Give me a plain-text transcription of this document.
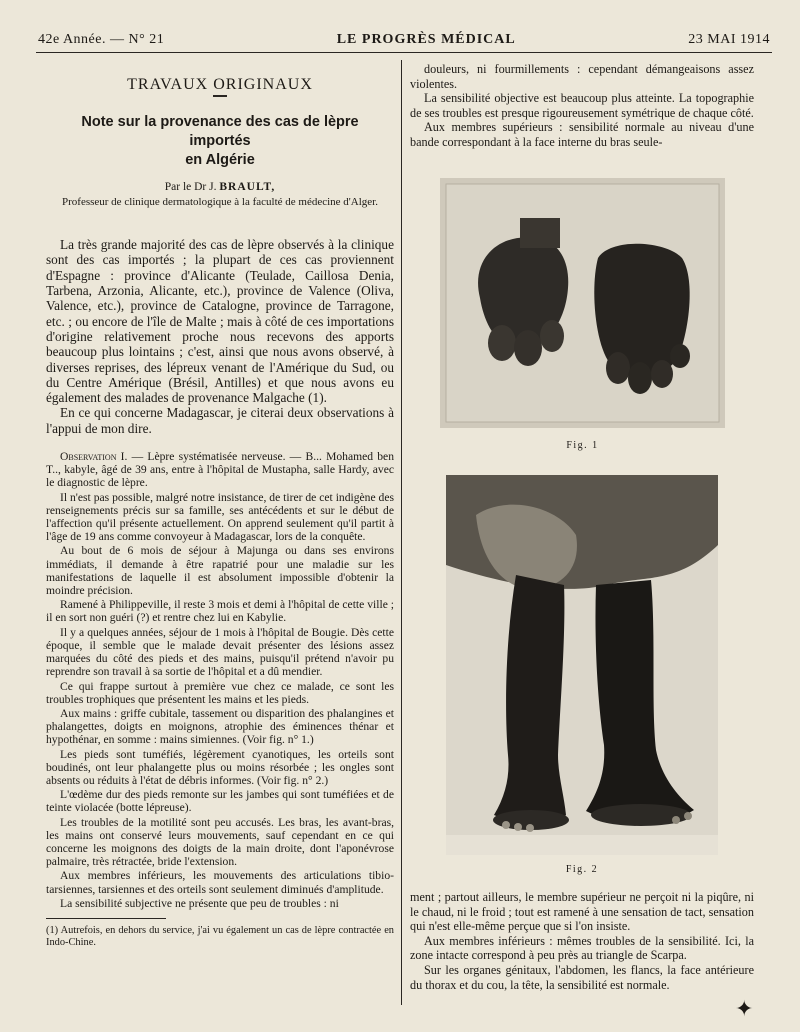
42e Année. — N° 21	LE PROGRÈS MÉDICAL	23 MAI 1914
TRAVAUX ORIGINAUX
Note sur la provenance des cas de lèpre importés
en Algérie
Par le Dr J. BRAULT,
Professeur de clinique dermatologique à la faculté de médecine d'Alger.

La très grande majorité des cas de lèpre observés à la clinique sont des cas importés ; la plupart de ces cas proviennent d'Espagne : province d'Alicante (Teulade, Caillosa Denia, Tarbena, Arzonia, Alicante, etc.), province de Valence (Oliva, Valence, etc.), province de Catalogne, province de Tarragone, etc. ; ou encore de l'île de Malte ; mais à côté de ces importations d'origine relativement proche nous recevons des apports beaucoup plus lointains ; c'est, ainsi que nous avons observé, à diverses reprises, des lépreux venant de l'Amérique du Sud, ou du Centre Amérique (Brésil, Antilles) et que nous avons eu également des malades de provenance Malgache (1).

En ce qui concerne Madagascar, je citerai deux observations à l'appui de mon dire.

Observation I. — Lèpre systématisée nerveuse. — B... Mohamed ben T.., kabyle, âgé de 39 ans, entre à l'hôpital de Mustapha, salle Hardy, avec le diagnostic de lèpre.

Il n'est pas possible, malgré notre insistance, de tirer de cet indigène des renseignements précis sur sa famille, ses antécédents et sur le début de l'affection qu'il présente actuellement. On apprend seulement qu'il partit à l'âge de 19 ans comme convoyeur à Madagascar, lors de la conquête.

Au bout de 6 mois de séjour à Majunga ou dans ses environs immédiats, il demande à être rapatrié pour une maladie sur les manifestations de laquelle il est absolument impossible d'obtenir la moindre précision.

Ramené à Philippeville, il reste 3 mois et demi à l'hôpital de cette ville ; il en sort non guéri (?) et rentre chez lui en Kabylie.

Il y a quelques années, séjour de 1 mois à l'hôpital de Bougie. Dès cette époque, il semble que le malade devait présenter des lésions assez marquées du côté des pieds et des mains, puisqu'il prétend n'avoir pu reprendre son travail à sa sortie de l'hôpital et a dû mendier.

Ce qui frappe surtout à première vue chez ce malade, ce sont les troubles trophiques que présentent les mains et les pieds.

Aux mains : griffe cubitale, tassement ou disparition des phalangines et phalangettes, doigts en moignons, atrophie des éminences thénar et hypothénar, en somme : mains simiennes. (Voir fig. n° 1.)

Les pieds sont tuméfiés, légèrement cyanotiques, les orteils sont boudinés, ont leur phalangette plus ou moins résorbée ; les ongles sont absents ou réduits à l'état de débris informes. (Voir fig. n° 2.)

L'œdème dur des pieds remonte sur les jambes qui sont tuméfiées et de teinte violacée (botte lépreuse).

Les troubles de la motilité sont peu accusés. Les bras, les avant-bras, les mains ont conservé leurs mouvements, sauf cependant en ce qui concerne les moignons des doigts de la main droite, dont l'aponévrose palmaire, très rétractée, bride l'extension.

Aux membres inférieurs, les mouvements des articulations tibio-tarsiennes, tarsiennes et des orteils sont seulement diminués d'amplitude.

La sensibilité subjective ne présente que peu de troubles : ni

(1) Autrefois, en dehors du service, j'ai vu également un cas de lèpre contractée en Indo-Chine.

douleurs, ni fourmillements : cependant démangeaisons assez violentes.

La sensibilité objective est beaucoup plus atteinte. La topographie de ses troubles est presque rigoureusement symétrique de chaque côté.

Aux membres supérieurs : sensibilité normale au niveau d'une bande correspondant à la face interne du bras seule-

Fig. 1
Fig. 2

ment ; partout ailleurs, le membre supérieur ne perçoit ni la piqûre, ni le chaud, ni le froid ; tout est ramené à une sensation de tact, sensation qui n'est elle-même perçue que si l'on insiste.

Aux membres inférieurs : mêmes troubles de la sensibilité. Ici, la zone intacte correspond à peu près au triangle de Scarpa.

Sur les organes génitaux, l'abdomen, les flancs, la face antérieure du thorax et du cou, la tête, la sensibilité est normale.

✦
